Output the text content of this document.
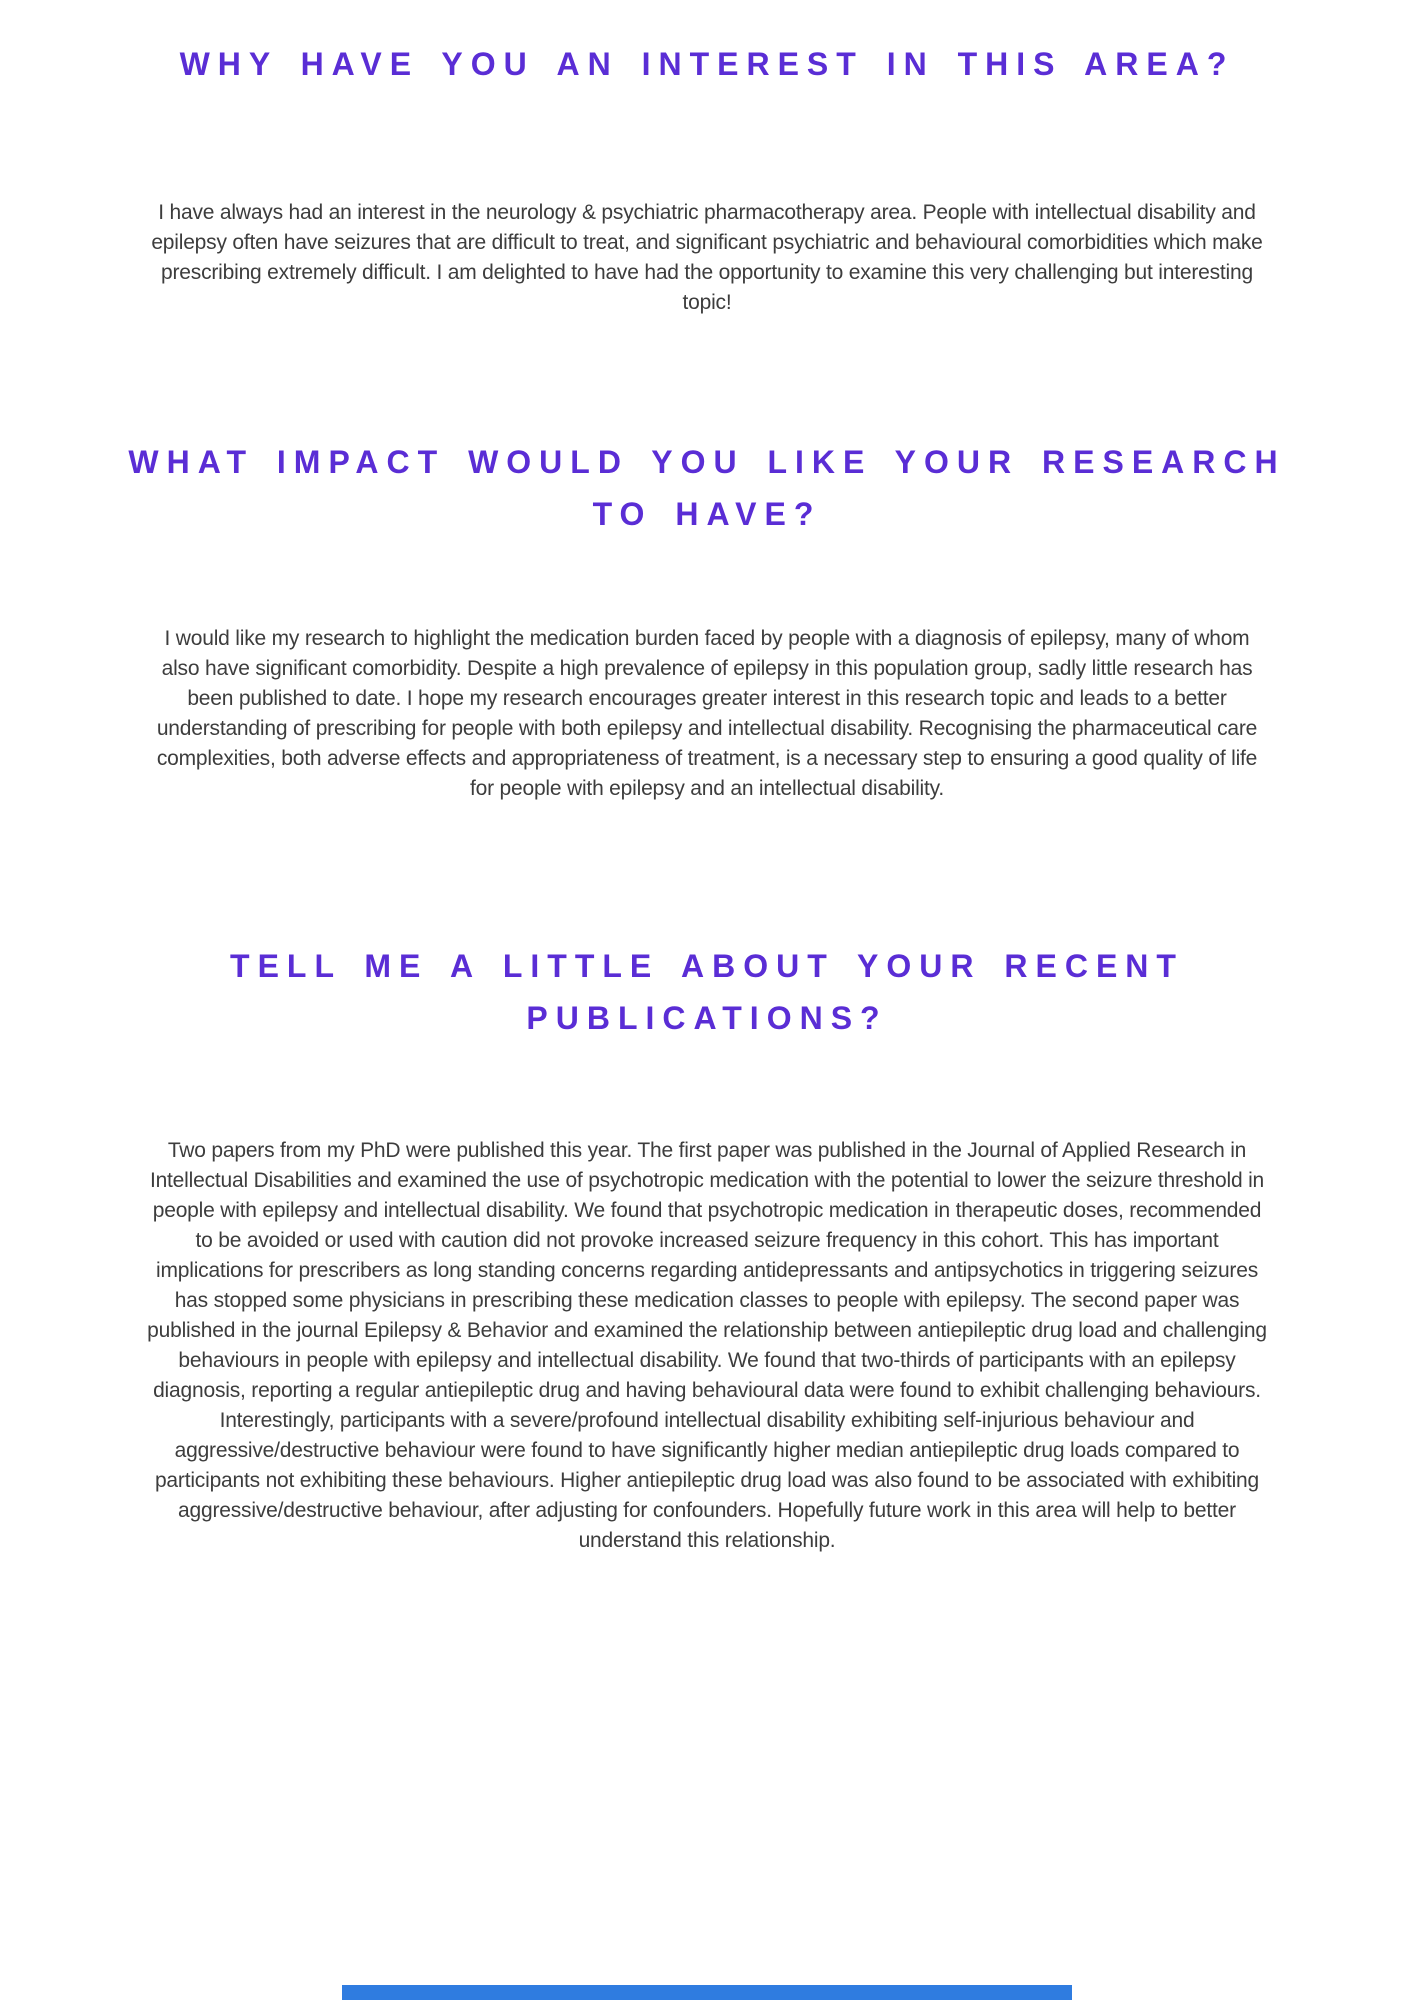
WHY HAVE YOU AN INTEREST IN THIS AREA?

I have always had an interest in the neurology & psychiatric pharmacotherapy area. People with intellectual disability and epilepsy often have seizures that are difficult to treat, and significant psychiatric and behavioural comorbidities which make prescribing extremely difficult. I am delighted to have had the opportunity to examine this very challenging but interesting topic!

WHAT IMPACT WOULD YOU LIKE YOUR RESEARCH
TO HAVE?

I would like my research to highlight the medication burden faced by people with a diagnosis of epilepsy, many of whom also have significant comorbidity. Despite a high prevalence of epilepsy in this population group, sadly little research has been published to date. I hope my research encourages greater interest in this research topic and leads to a better understanding of prescribing for people with both epilepsy and intellectual disability. Recognising the pharmaceutical care complexities, both adverse effects and appropriateness of treatment, is a necessary step to ensuring a good quality of life for people with epilepsy and an intellectual disability.

TELL ME A LITTLE ABOUT YOUR RECENT
PUBLICATIONS?

Two papers from my PhD were published this year. The first paper was published in the Journal of Applied Research in Intellectual Disabilities and examined the use of psychotropic medication with the potential to lower the seizure threshold in people with epilepsy and intellectual disability. We found that psychotropic medication in therapeutic doses, recommended to be avoided or used with caution did not provoke increased seizure frequency in this cohort. This has important implications for prescribers as long standing concerns regarding antidepressants and antipsychotics in triggering seizures has stopped some physicians in prescribing these medication classes to people with epilepsy. The second paper was published in the journal Epilepsy & Behavior and examined the relationship between antiepileptic drug load and challenging behaviours in people with epilepsy and intellectual disability. We found that two-thirds of participants with an epilepsy diagnosis, reporting a regular antiepileptic drug and having behavioural data were found to exhibit challenging behaviours. Interestingly, participants with a severe/profound intellectual disability exhibiting self-injurious behaviour and aggressive/destructive behaviour were found to have significantly higher median antiepileptic drug loads compared to participants not exhibiting these behaviours. Higher antiepileptic drug load was also found to be associated with exhibiting aggressive/destructive behaviour, after adjusting for confounders. Hopefully future work in this area will help to better understand this relationship.
